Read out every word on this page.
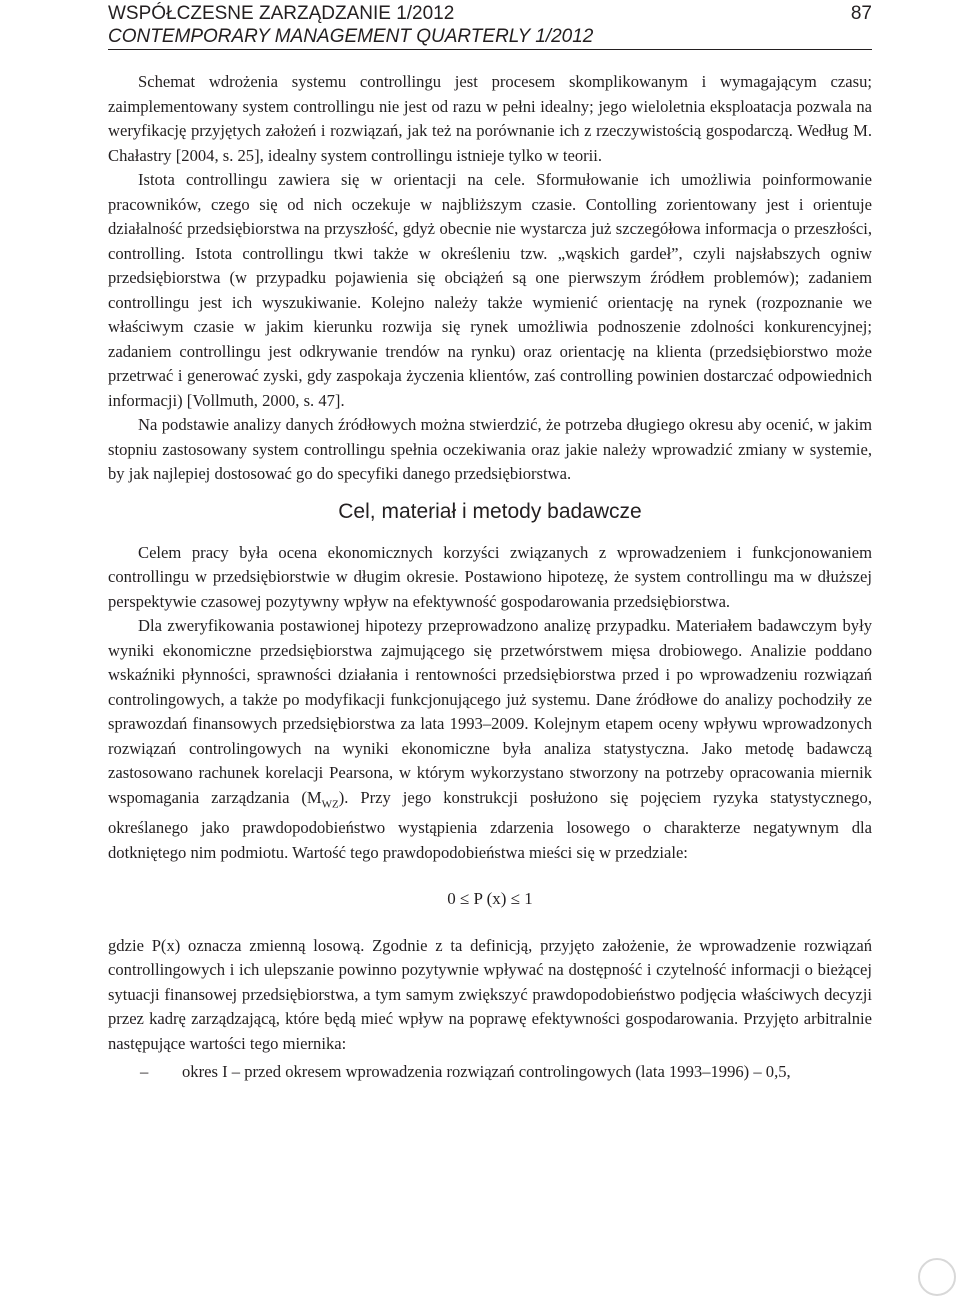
WSPÓŁCZESNE ZARZĄDZANIE 1/2012	87
CONTEMPORARY MANAGEMENT QUARTERLY 1/2012

Schemat wdrożenia systemu controllingu jest procesem skomplikowanym i wymagającym czasu; zaimplementowany system controllingu nie jest od razu w pełni idealny; jego wieloletnia eksploatacja pozwala na weryfikację przyjętych założeń i rozwiązań, jak też na porównanie ich z rzeczywistością gospodarczą. Według M. Chałastry [2004, s. 25], idealny system controllingu istnieje tylko w teorii.

Istota controllingu zawiera się w orientacji na cele. Sformułowanie ich umożliwia poinformowanie pracowników, czego się od nich oczekuje w najbliższym czasie. Contolling zorientowany jest i orientuje działalność przedsiębiorstwa na przyszłość, gdyż obecnie nie wystarcza już szczegółowa informacja o przeszłości, controlling. Istota controllingu tkwi także w określeniu tzw. „wąskich gardeł”, czyli najsłabszych ogniw przedsiębiorstwa (w przypadku pojawienia się obciążeń są one pierwszym źródłem problemów); zadaniem controllingu jest ich wyszukiwanie. Kolejno należy także wymienić orientację na rynek (rozpoznanie we właściwym czasie w jakim kierunku rozwija się rynek umożliwia podnoszenie zdolności konkurencyjnej; zadaniem controllingu jest odkrywanie trendów na rynku) oraz orientację na klienta (przedsiębiorstwo może przetrwać i generować zyski, gdy zaspokaja życzenia klientów, zaś controlling powinien dostarczać odpowiednich informacji) [Vollmuth, 2000, s. 47].

Na podstawie analizy danych źródłowych można stwierdzić, że potrzeba długiego okresu aby ocenić, w jakim stopniu zastosowany system controllingu spełnia oczekiwania oraz jakie należy wprowadzić zmiany w systemie, by jak najlepiej dostosować go do specyfiki danego przedsiębiorstwa.

Cel, materiał i metody badawcze

Celem pracy była ocena ekonomicznych korzyści związanych z wprowadzeniem i funkcjonowaniem controllingu w przedsiębiorstwie w długim okresie. Postawiono hipotezę, że system controllingu ma w dłuższej perspektywie czasowej pozytywny wpływ na efektywność gospodarowania przedsiębiorstwa.

Dla zweryfikowania postawionej hipotezy przeprowadzono analizę przypadku. Materiałem badawczym były wyniki ekonomiczne przedsiębiorstwa zajmującego się przetwórstwem mięsa drobiowego. Analizie poddano wskaźniki płynności, sprawności działania i rentowności przedsiębiorstwa przed i po wprowadzeniu rozwiązań controlingowych, a także po modyfikacji funkcjonującego już systemu. Dane źródłowe do analizy pochodziły ze sprawozdań finansowych przedsiębiorstwa za lata 1993–2009. Kolejnym etapem oceny wpływu wprowadzonych rozwiązań controlingowych na wyniki ekonomiczne była analiza statystyczna. Jako metodę badawczą zastosowano rachunek korelacji Pearsona, w którym wykorzystano stworzony na potrzeby opracowania miernik wspomagania zarządzania $(M_{WZ})$. Przy jego konstrukcji posłużono się pojęciem ryzyka statystycznego, określanego jako prawdopodobieństwo wystąpienia zdarzenia losowego o charakterze negatywnym dla dotkniętego nim podmiotu. Wartość tego prawdopodobieństwa mieści się w przedziale:

0 ≤ P (x) ≤ 1

gdzie P(x) oznacza zmienną losową. Zgodnie z ta definicją, przyjęto założenie, że wprowadzenie rozwiązań controllingowych i ich ulepszanie powinno pozytywnie wpływać na dostępność i czytelność informacji o bieżącej sytuacji finansowej przedsiębiorstwa, a tym samym zwiększyć prawdopodobieństwo podjęcia właściwych decyzji przez kadrę zarządzającą, które będą mieć wpływ na poprawę efektywności gospodarowania. Przyjęto arbitralnie następujące wartości tego miernika:

– okres I – przed okresem wprowadzenia rozwiązań controlingowych (lata 1993–1996) – 0,5,
